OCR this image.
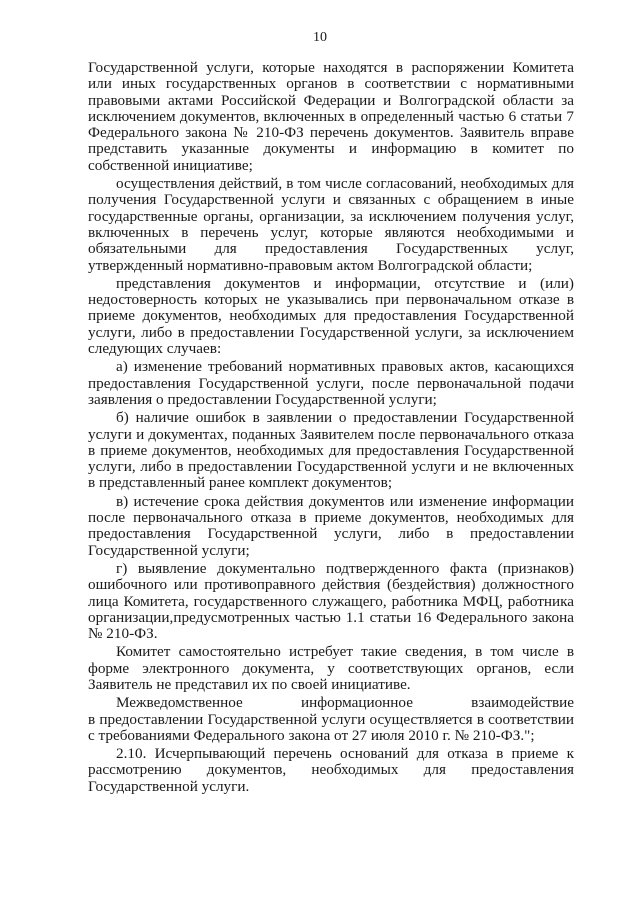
10

Государственной услуги, которые находятся в распоряжении Комитета или иных государственных органов в соответствии с нормативными правовыми актами Российской Федерации и Волгоградской области за исключением документов, включенных в определенный частью 6 статьи 7 Федерального закона № 210-ФЗ перечень документов. Заявитель вправе представить указанные документы и информацию в комитет по собственной инициативе;

осуществления действий, в том числе согласований, необходимых для получения Государственной услуги и связанных с обращением в иные государственные органы, организации, за исключением получения услуг, включенных в перечень услуг, которые являются необходимыми и обязательными для предоставления Государственных услуг, утвержденный нормативно-правовым актом Волгоградской области;

представления документов и информации, отсутствие и (или) недостоверность которых не указывались при первоначальном отказе в приеме документов, необходимых для предоставления Государственной услуги, либо в предоставлении Государственной услуги, за исключением следующих случаев:

а) изменение требований нормативных правовых актов, касающихся предоставления Государственной услуги, после первоначальной подачи заявления о предоставлении Государственной услуги;

б) наличие ошибок в заявлении о предоставлении Государственной услуги и документах, поданных Заявителем после первоначального отказа в приеме документов, необходимых для предоставления Государственной услуги, либо в предоставлении Государственной услуги и не включенных в представленный ранее комплект документов;

в) истечение срока действия документов или изменение информации после первоначального отказа в приеме документов, необходимых для предоставления Государственной услуги, либо в предоставлении Государственной услуги;

г) выявление документально подтвержденного факта (признаков) ошибочного или противоправного действия (бездействия) должностного лица Комитета, государственного служащего, работника МФЦ, работника организации,предусмотренных частью 1.1 статьи 16 Федерального закона № 210-ФЗ.

Комитет самостоятельно истребует такие сведения, в том числе в форме электронного документа, у соответствующих органов, если Заявитель не представил их по своей инициативе.

Межведомственное информационное взаимодействие

в предоставлении Государственной услуги осуществляется в соответствии с требованиями Федерального закона от 27 июля 2010 г. № 210-ФЗ.";

2.10. Исчерпывающий перечень оснований для отказа в приеме к рассмотрению документов, необходимых для предоставления Государственной услуги.
